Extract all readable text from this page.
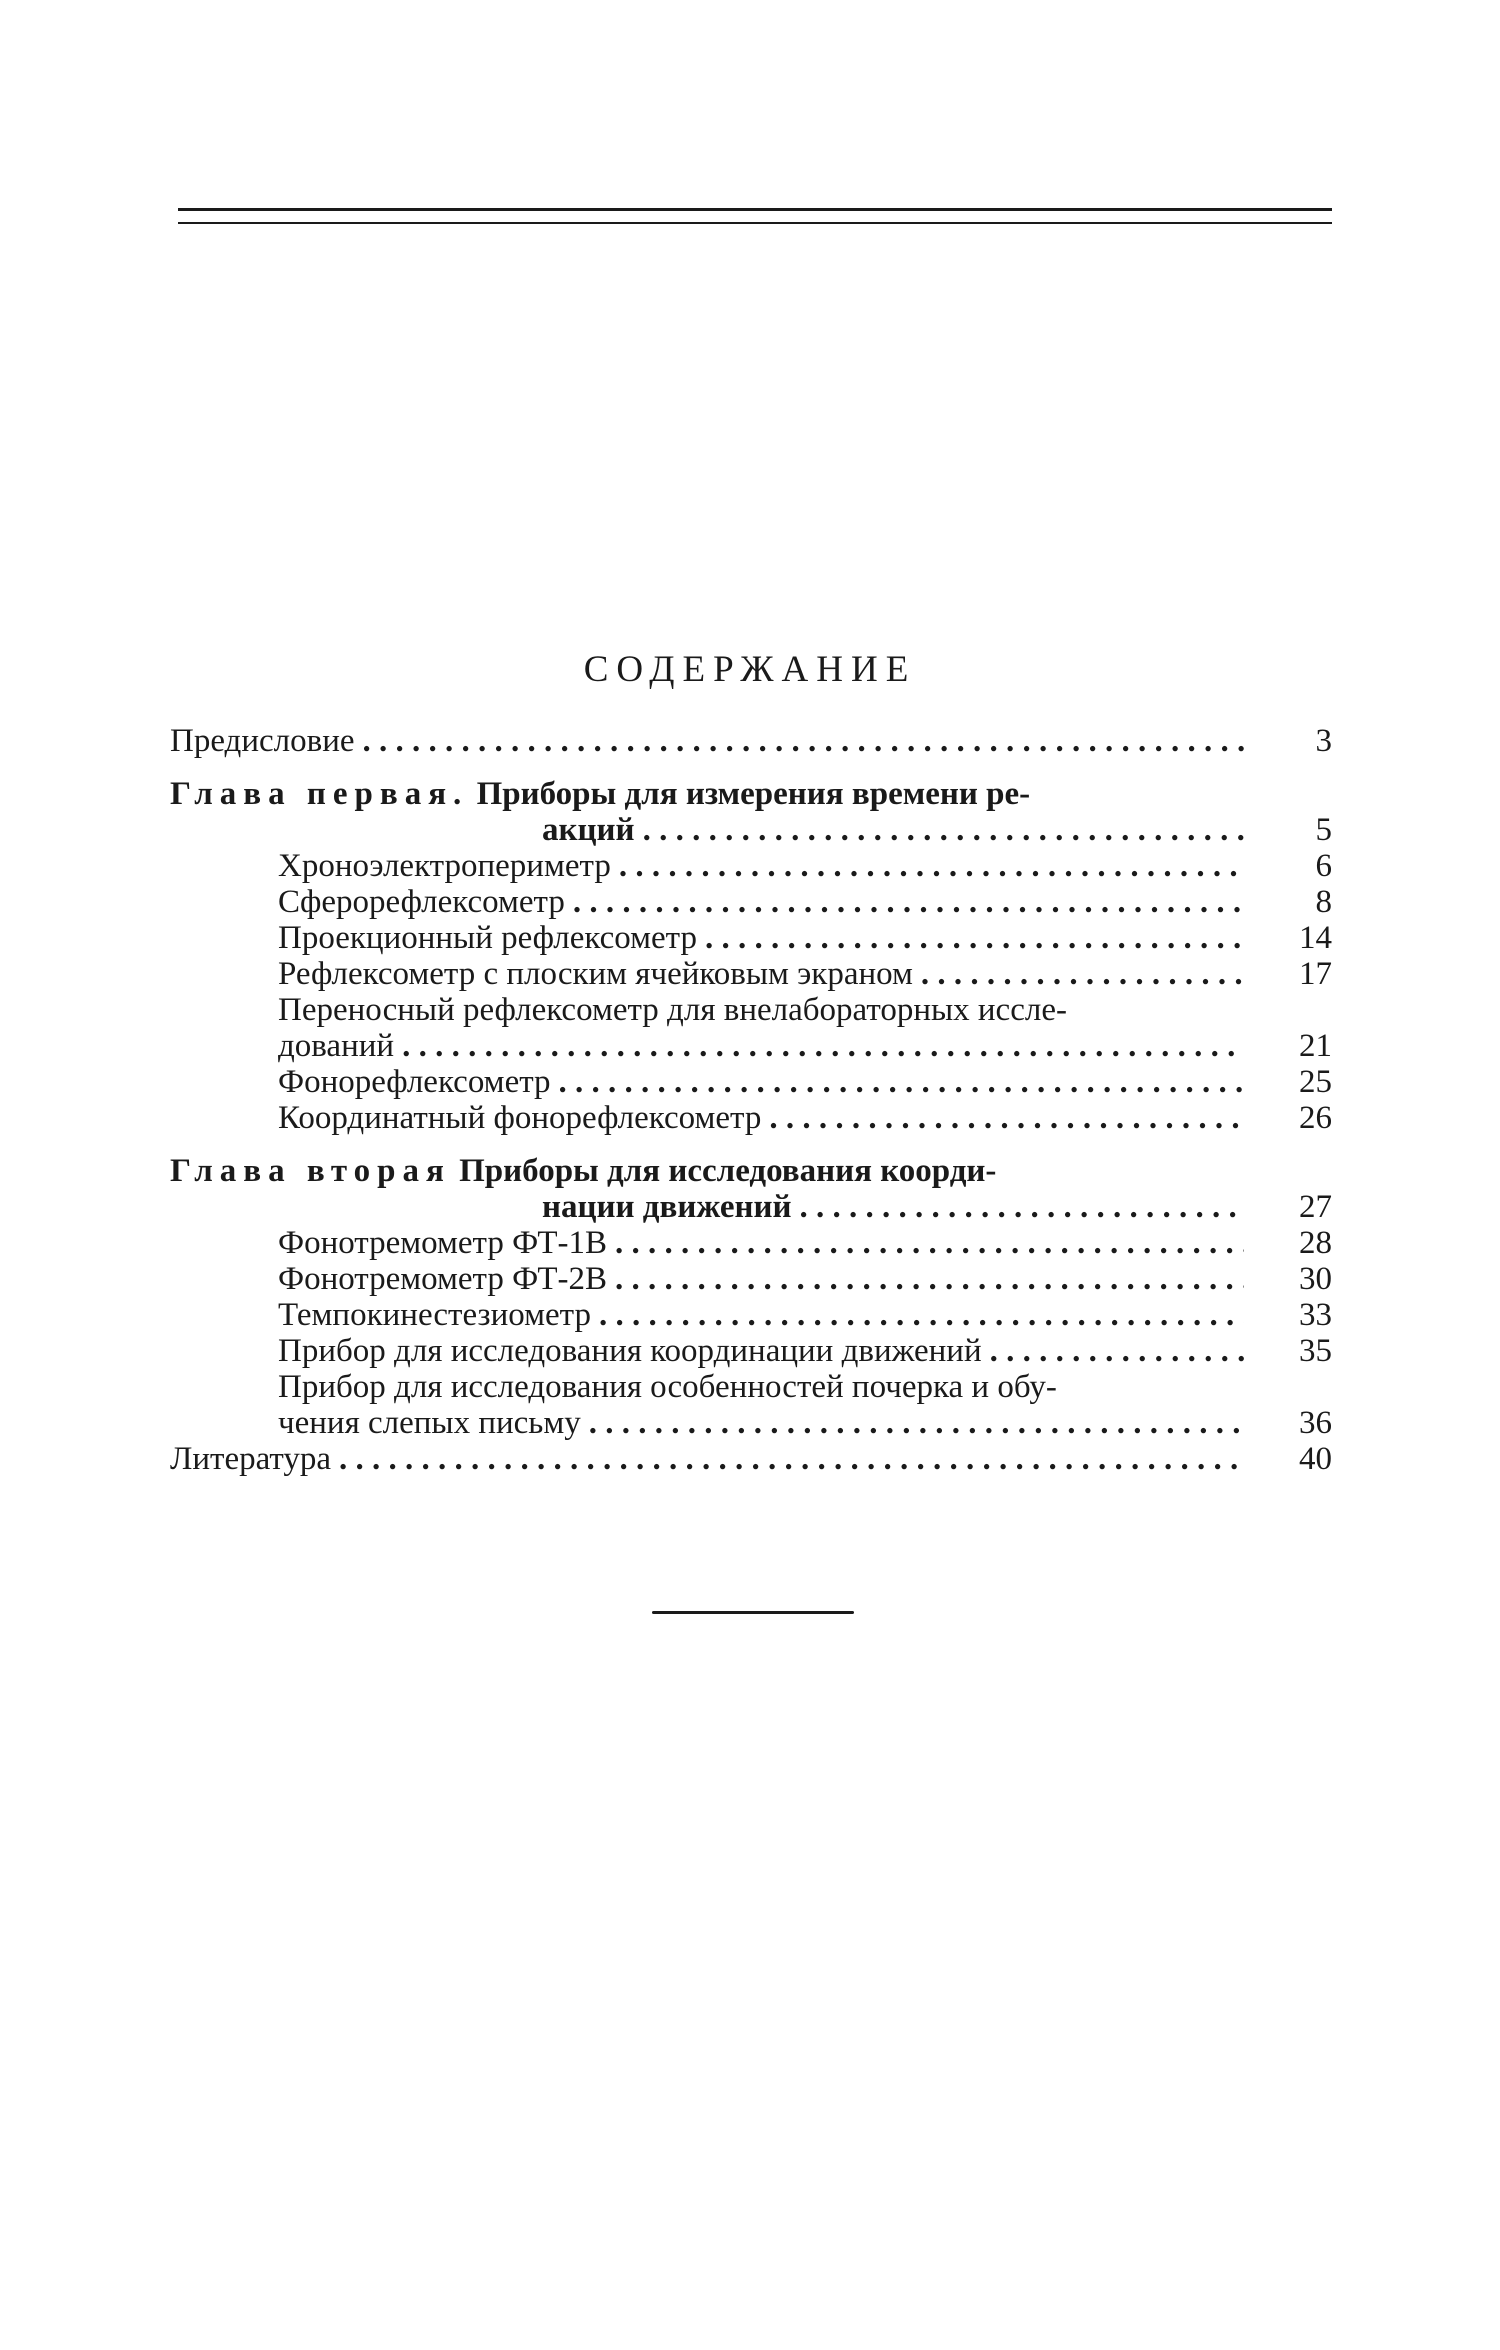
СОДЕРЖАНИЕ
Предисловие . . .	3
Глава первая. Приборы для измерения времени ре-
акций . . .	5
Хроноэлектропериметр . . .	6
Сферорефлексометр . . .	8
Проекционный рефлексометр . . .	14
Рефлексометр с плоским ячейковым экраном . . .	17
Переносный рефлексометр для внелабораторных иссле-
дований . . .	21
Фонорефлексометр . . .	25
Координатный фонорефлексометр . . .	26
Глава вторая Приборы для исследования коорди-
нации движений . . .	27
Фонотремометр ФТ-1В . . .	28
Фонотремометр ФТ-2В . . .	30
Темпокинестезиометр . . .	33
Прибор для исследования координации движений . . .	35
Прибор для исследования особенностей почерка и обу-
чения слепых письму . . .	36
Литература . . .	40
